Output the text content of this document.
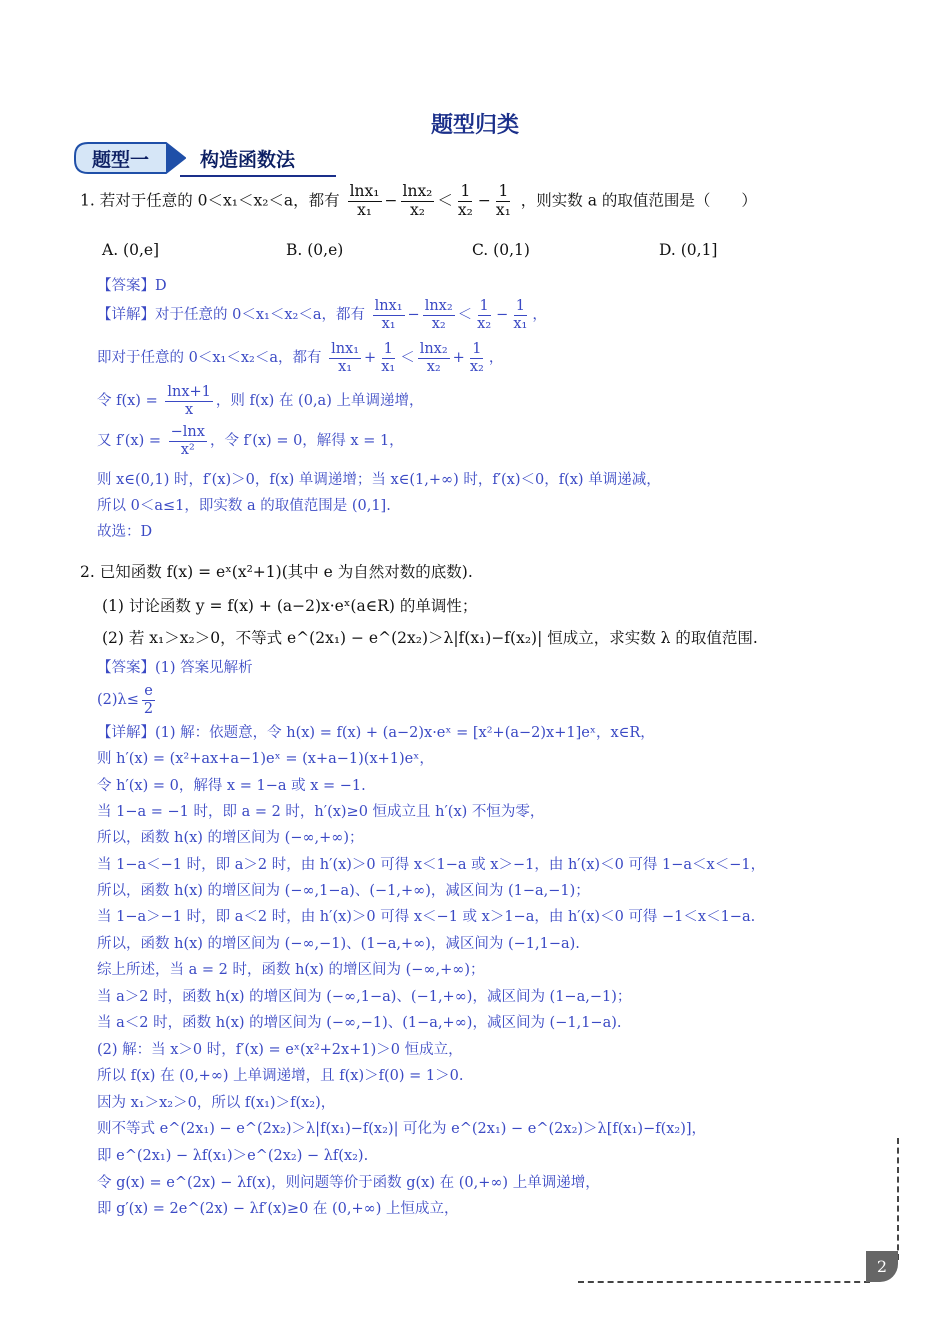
题型归类
题型一	构造函数法
1. 若对于任意的 0＜x₁＜x₂＜a，都有 $\frac{\text{lnx₁}}{\text{x₁}} - \frac{\text{lnx₂}}{\text{x₂}} < \frac{1}{\text{x₂}} - \frac{1}{\text{x₁}}$ ，则实数 a 的取值范围是（　　）
A. (0,e]	B. (0,e)	C. (0,1)	D. (0,1]
【答案】D
【详解】对于任意的 0＜x₁＜x₂＜a，都有 $\frac{\text{lnx₁}}{\text{x₁}} - \frac{\text{lnx₂}}{\text{x₂}} < \frac{1}{\text{x₂}} - \frac{1}{\text{x₁}}$ ，
即对于任意的 0＜x₁＜x₂＜a，都有 $\frac{\text{lnx₁}}{\text{x₁}} + \frac{1}{\text{x₁}} < \frac{\text{lnx₂}}{\text{x₂}} + \frac{1}{\text{x₂}}$ ，
令 $f(x) = \frac{\ln x+1}{x}$ ，则 f(x) 在 (0,a) 上单调递增，
又 $f'(x) = \frac{-\ln x}{\text{x²}}$ ，令 f′(x) = 0，解得 x = 1，
则 x∈(0,1) 时，f′(x)＞0，f(x) 单调递增；当 x∈(1,+∞) 时，f′(x)＜0，f(x) 单调递减，
所以 0＜a≤1，即实数 a 的取值范围是 (0,1].
故选：D
2. 已知函数 f(x) = eˣ(x²+1)(其中 e 为自然对数的底数).
(1) 讨论函数 y = f(x) + (a−2)x·eˣ(a∈R) 的单调性；
(2) 若 x₁＞x₂＞0，不等式 e^(2x₁) − e^(2x₂)＞λ|f(x₁)−f(x₂)| 恒成立，求实数 λ 的取值范围.
【答案】(1) 答案见解析
$(2)\lambda\le \frac{e}{2}$
【详解】(1) 解：依题意，令 h(x) = f(x) + (a−2)x·eˣ = [x²+(a−2)x+1]eˣ，x∈R，
则 h′(x) = (x²+ax+a−1)eˣ = (x+a−1)(x+1)eˣ，
令 h′(x) = 0，解得 x = 1−a 或 x = −1.
当 1−a = −1 时，即 a = 2 时，h′(x)≥0 恒成立且 h′(x) 不恒为零，
所以，函数 h(x) 的增区间为 (−∞,+∞)；
当 1−a＜−1 时，即 a＞2 时，由 h′(x)＞0 可得 x＜1−a 或 x＞−1，由 h′(x)＜0 可得 1−a＜x＜−1，
所以，函数 h(x) 的增区间为 (−∞,1−a)、(−1,+∞)，减区间为 (1−a,−1)；
当 1−a＞−1 时，即 a＜2 时，由 h′(x)＞0 可得 x＜−1 或 x＞1−a，由 h′(x)＜0 可得 −1＜x＜1−a.
所以，函数 h(x) 的增区间为 (−∞,−1)、(1−a,+∞)，减区间为 (−1,1−a).
综上所述，当 a = 2 时，函数 h(x) 的增区间为 (−∞,+∞)；
当 a＞2 时，函数 h(x) 的增区间为 (−∞,1−a)、(−1,+∞)，减区间为 (1−a,−1)；
当 a＜2 时，函数 h(x) 的增区间为 (−∞,−1)、(1−a,+∞)，减区间为 (−1,1−a).
(2) 解：当 x＞0 时，f′(x) = eˣ(x²+2x+1)＞0 恒成立，
所以 f(x) 在 (0,+∞) 上单调递增，且 f(x)＞f(0) = 1＞0.
因为 x₁＞x₂＞0，所以 f(x₁)＞f(x₂)，
则不等式 e^(2x₁) − e^(2x₂)＞λ|f(x₁)−f(x₂)| 可化为 e^(2x₁) − e^(2x₂)＞λ[f(x₁)−f(x₂)]，
即 e^(2x₁) − λf(x₁)＞e^(2x₂) − λf(x₂).
令 g(x) = e^(2x) − λf(x)，则问题等价于函数 g(x) 在 (0,+∞) 上单调递增，
即 g′(x) = 2e^(2x) − λf′(x)≥0 在 (0,+∞) 上恒成立，
2
